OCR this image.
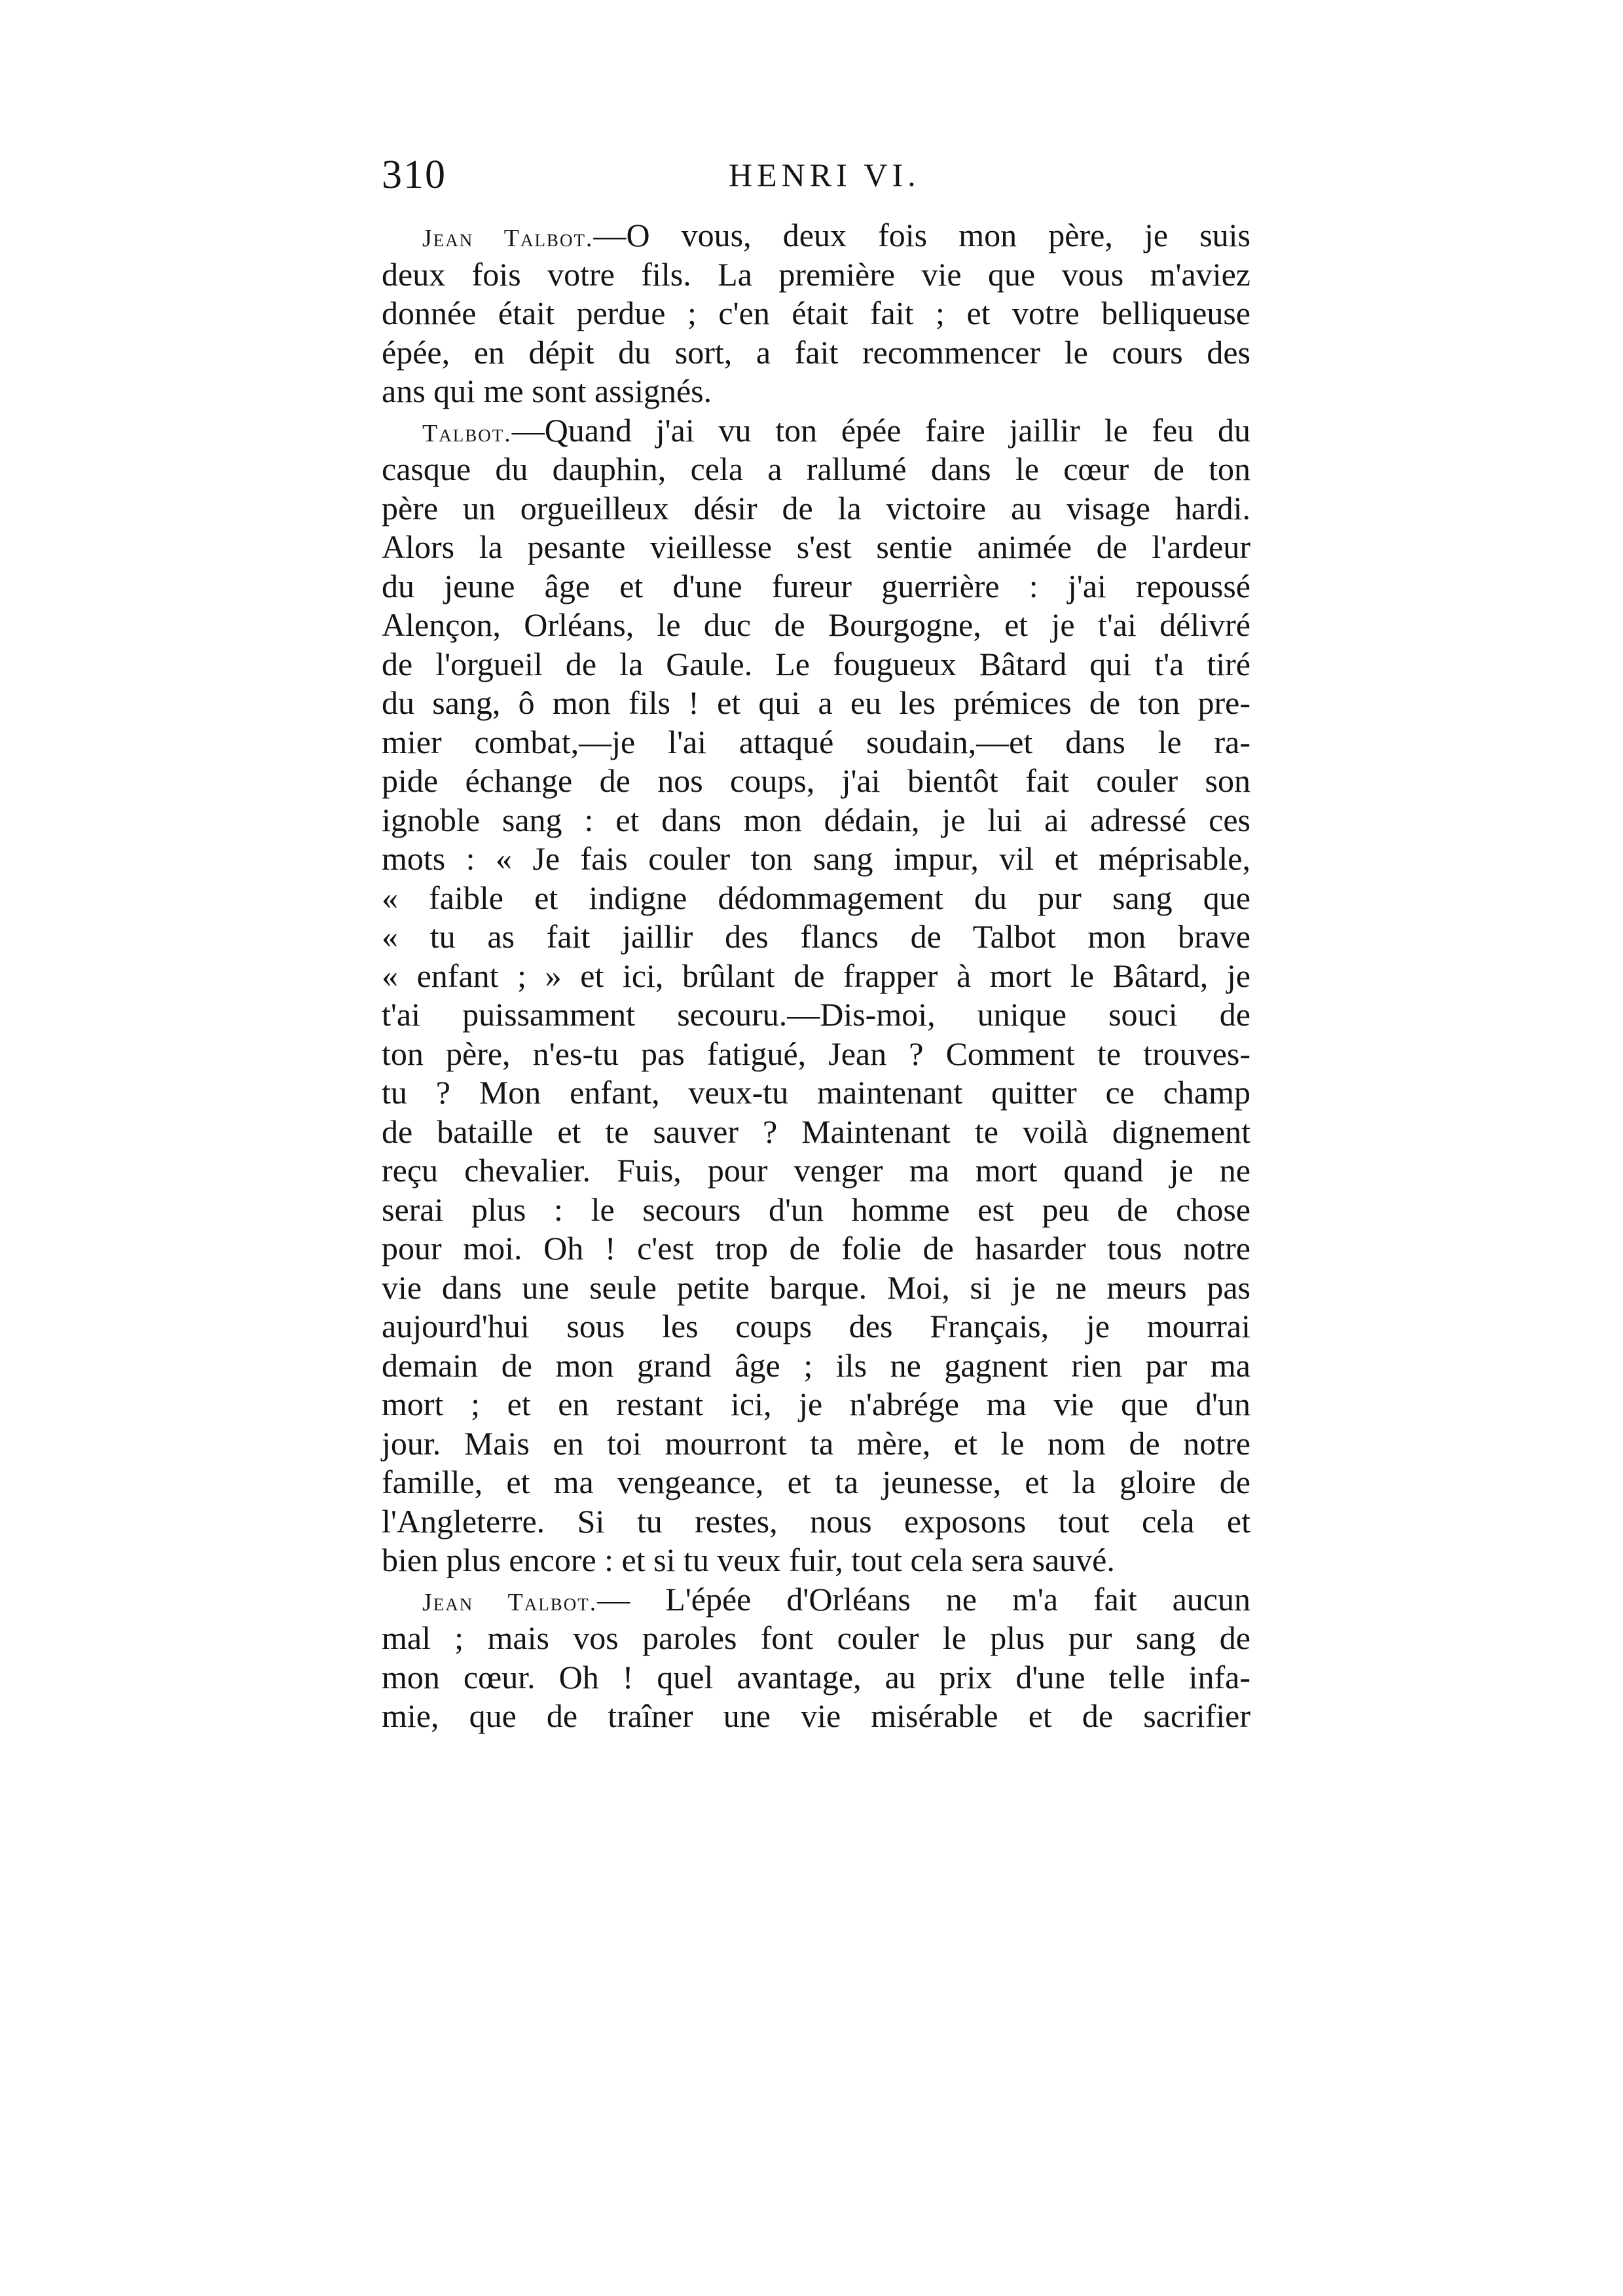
310	HENRI VI.
Jean Talbot.—O vous, deux fois mon père, je suis
deux fois votre fils. La première vie que vous m'aviez
donnée était perdue ; c'en était fait ; et votre belliqueuse
épée, en dépit du sort, a fait recommencer le cours des
ans qui me sont assignés.
Talbot.—Quand j'ai vu ton épée faire jaillir le feu du
casque du dauphin, cela a rallumé dans le cœur de ton
père un orgueilleux désir de la victoire au visage hardi.
Alors la pesante vieillesse s'est sentie animée de l'ardeur
du jeune âge et d'une fureur guerrière : j'ai repoussé
Alençon, Orléans, le duc de Bourgogne, et je t'ai délivré
de l'orgueil de la Gaule. Le fougueux Bâtard qui t'a tiré
du sang, ô mon fils ! et qui a eu les prémices de ton pre-
mier combat,—je l'ai attaqué soudain,—et dans le ra-
pide échange de nos coups, j'ai bientôt fait couler son
ignoble sang : et dans mon dédain, je lui ai adressé ces
mots : « Je fais couler ton sang impur, vil et méprisable,
« faible et indigne dédommagement du pur sang que
« tu as fait jaillir des flancs de Talbot mon brave
« enfant ; » et ici, brûlant de frapper à mort le Bâtard, je
t'ai puissamment secouru.—Dis-moi, unique souci de
ton père, n'es-tu pas fatigué, Jean ? Comment te trouves-
tu ? Mon enfant, veux-tu maintenant quitter ce champ
de bataille et te sauver ? Maintenant te voilà dignement
reçu chevalier. Fuis, pour venger ma mort quand je ne
serai plus : le secours d'un homme est peu de chose
pour moi. Oh ! c'est trop de folie de hasarder tous notre
vie dans une seule petite barque. Moi, si je ne meurs pas
aujourd'hui sous les coups des Français, je mourrai
demain de mon grand âge ; ils ne gagnent rien par ma
mort ; et en restant ici, je n'abrége ma vie que d'un
jour. Mais en toi mourront ta mère, et le nom de notre
famille, et ma vengeance, et ta jeunesse, et la gloire de
l'Angleterre. Si tu restes, nous exposons tout cela et
bien plus encore : et si tu veux fuir, tout cela sera sauvé.
Jean Talbot.— L'épée d'Orléans ne m'a fait aucun
mal ; mais vos paroles font couler le plus pur sang de
mon cœur. Oh ! quel avantage, au prix d'une telle infa-
mie, que de traîner une vie misérable et de sacrifier
